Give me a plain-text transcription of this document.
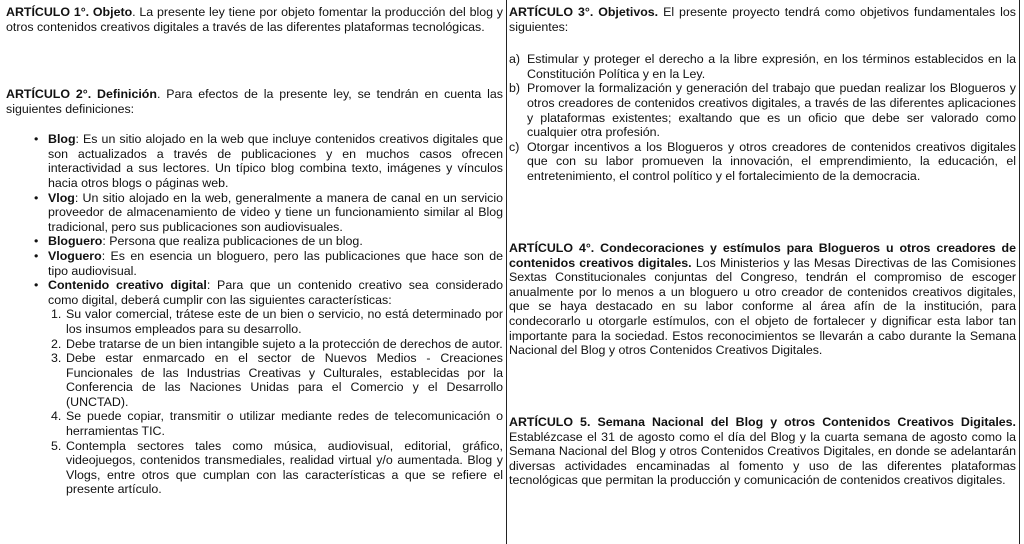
ARTÍCULO 1°. Objeto. La presente ley tiene por objeto fomentar la producción del blog y otros contenidos creativos digitales a través de las diferentes plataformas tecnológicas.

ARTÍCULO 2°. Definición. Para efectos de la presente ley, se tendrán en cuenta las siguientes definiciones:

• Blog: Es un sitio alojado en la web que incluye contenidos creativos digitales que son actualizados a través de publicaciones y en muchos casos ofrecen interactividad a sus lectores. Un típico blog combina texto, imágenes y vínculos hacia otros blogs o páginas web.
• Vlog: Un sitio alojado en la web, generalmente a manera de canal en un servicio proveedor de almacenamiento de video y tiene un funcionamiento similar al Blog tradicional, pero sus publicaciones son audiovisuales.
• Bloguero: Persona que realiza publicaciones de un blog.
• Vloguero: Es en esencia un bloguero, pero las publicaciones que hace son de tipo audiovisual.
• Contenido creativo digital: Para que un contenido creativo sea considerado como digital, deberá cumplir con las siguientes características:
1. Su valor comercial, trátese este de un bien o servicio, no está determinado por los insumos empleados para su desarrollo.
2. Debe tratarse de un bien intangible sujeto a la protección de derechos de autor.
3. Debe estar enmarcado en el sector de Nuevos Medios - Creaciones Funcionales de las Industrias Creativas y Culturales, establecidas por la Conferencia de las Naciones Unidas para el Comercio y el Desarrollo (UNCTAD).
4. Se puede copiar, transmitir o utilizar mediante redes de telecomunicación o herramientas TIC.
5. Contempla sectores tales como música, audiovisual, editorial, gráfico, videojuegos, contenidos transmediales, realidad virtual y/o aumentada. Blog y Vlogs, entre otros que cumplan con las características a que se refiere el presente artículo.

ARTÍCULO 3°. Objetivos. El presente proyecto tendrá como objetivos fundamentales los siguientes:

a) Estimular y proteger el derecho a la libre expresión, en los términos establecidos en la Constitución Política y en la Ley.
b) Promover la formalización y generación del trabajo que puedan realizar los Blogueros y otros creadores de contenidos creativos digitales, a través de las diferentes aplicaciones y plataformas existentes; exaltando que es un oficio que debe ser valorado como cualquier otra profesión.
c) Otorgar incentivos a los Blogueros y otros creadores de contenidos creativos digitales que con su labor promueven la innovación, el emprendimiento, la educación, el entretenimiento, el control político y el fortalecimiento de la democracia.

ARTÍCULO 4°. Condecoraciones y estímulos para Blogueros u otros creadores de contenidos creativos digitales. Los Ministerios y las Mesas Directivas de las Comisiones Sextas Constitucionales conjuntas del Congreso, tendrán el compromiso de escoger anualmente por lo menos a un bloguero u otro creador de contenidos creativos digitales, que se haya destacado en su labor conforme al área afín de la institución, para condecorarlo u otorgarle estímulos, con el objeto de fortalecer y dignificar esta labor tan importante para la sociedad. Estos reconocimientos se llevarán a cabo durante la Semana Nacional del Blog y otros Contenidos Creativos Digitales.

ARTÍCULO 5. Semana Nacional del Blog y otros Contenidos Creativos Digitales. Establézcase el 31 de agosto como el día del Blog y la cuarta semana de agosto como la Semana Nacional del Blog y otros Contenidos Creativos Digitales, en donde se adelantarán diversas actividades encaminadas al fomento y uso de las diferentes plataformas tecnológicas que permitan la producción y comunicación de contenidos creativos digitales.
